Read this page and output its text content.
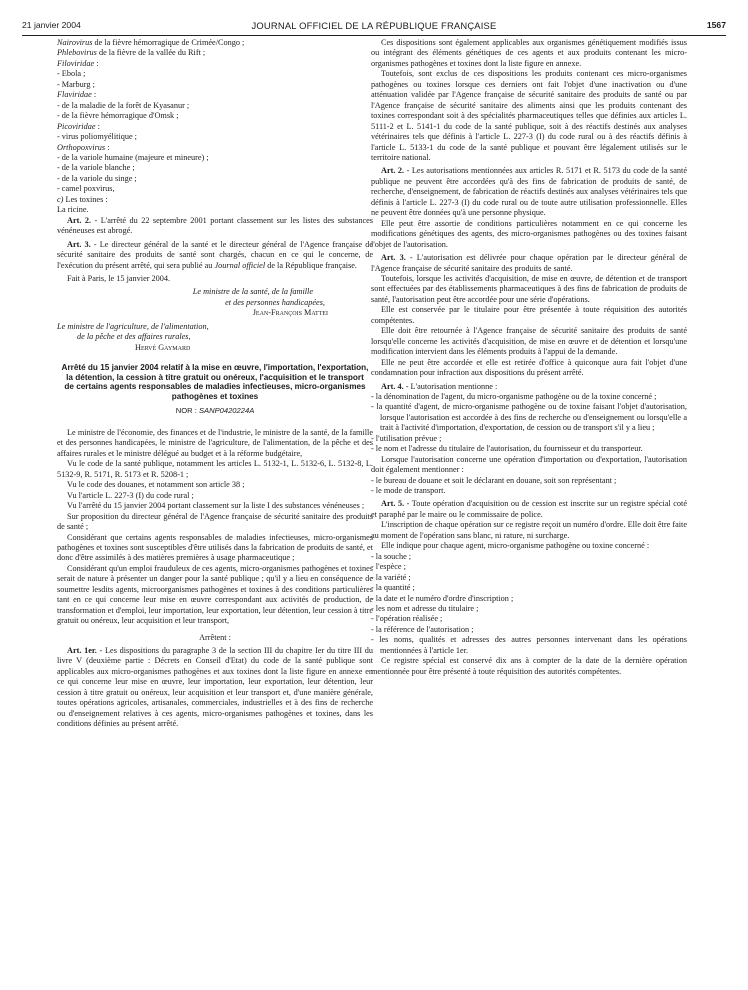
21 janvier 2004	JOURNAL OFFICIEL DE LA RÉPUBLIQUE FRANÇAISE	1567

Nairovirus de la fièvre hémorragique de Crimée/Congo ;

Phlebovirus de la fièvre de la vallée du Rift ;

Filoviridae :

- Ebola ;

- Marburg ;

Flaviridae :

- de la maladie de la forêt de Kyasanur ;

- de la fièvre hémorragique d'Omsk ;

Picoviridae :

- virus poliomyélitique ;

Orthopoxvirus :

- de la variole humaine (majeure et mineure) ;

- de la variole blanche ;

- de la variole du singe ;

- camel poxvirus,

c) Les toxines :

La ricine.

Art. 2. - L'arrêté du 22 septembre 2001 portant classement sur les listes des substances vénéneuses est abrogé.

Art. 3. - Le directeur général de la santé et le directeur général de l'Agence française de sécurité sanitaire des produits de santé sont chargés, chacun en ce qui le concerne, de l'exécution du présent arrêté, qui sera publié au Journal officiel de la République française.

Fait à Paris, le 15 janvier 2004.

Le ministre de la santé, de la famille

et des personnes handicapées,

Jean-François Mattei

Le ministre de l'agriculture, de l'alimentation,

de la pêche et des affaires rurales,

Hervé Gaymard

Arrêté du 15 janvier 2004 relatif à la mise en œuvre, l'importation, l'exportation, la détention, la cession à titre gratuit ou onéreux, l'acquisition et le transport de certains agents responsables de maladies infectieuses, micro-organismes pathogènes et toxines
NOR : SANP0420224A

Le ministre de l'économie, des finances et de l'industrie, le ministre de la santé, de la famille et des personnes handicapées, le ministre de l'agriculture, de l'alimentation, de la pêche et des affaires rurales et le ministre délégué au budget et à la réforme budgétaire,

Vu le code de la santé publique, notamment les articles L. 5132-1, L. 5132-6, L. 5132-8, L. 5132-9, R. 5171, R. 5173 et R. 5208-1 ;

Vu le code des douanes, et notamment son article 38 ;

Vu l'article L. 227-3 (I) du code rural ;

Vu l'arrêté du 15 janvier 2004 portant classement sur la liste I des substances vénéneuses ;

Sur proposition du directeur général de l'Agence française de sécurité sanitaire des produits de santé ;

Considérant que certains agents responsables de maladies infectieuses, micro-organismes pathogènes et toxines sont susceptibles d'être utilisés dans la fabrication de produits de santé, et donc d'être assimilés à des matières premières à usage pharmaceutique ;

Considérant qu'un emploi frauduleux de ces agents, micro-organismes pathogènes et toxines serait de nature à présenter un danger pour la santé publique ; qu'il y a lieu en conséquence de soumettre lesdits agents, microorganismes pathogènes et toxines à des conditions particulières tant en ce qui concerne leur mise en œuvre correspondant aux activités de production, de transformation et d'emploi, leur importation, leur exportation, leur détention, leur cession à titre gratuit ou onéreux, leur acquisition et leur transport,

Arrêtent :

Art. 1er. - Les dispositions du paragraphe 3 de la section III du chapitre Ier du titre III du livre V (deuxième partie : Décrets en Conseil d'Etat) du code de la santé publique sont applicables aux micro-organismes pathogènes et aux toxines dont la liste figure en annexe en ce qui concerne leur mise en œuvre, leur importation, leur exportation, leur détention, leur cession à titre gratuit ou onéreux, leur acquisition et leur transport et, d'une manière générale, toutes opérations agricoles, artisanales, commerciales, industrielles et à des fins de recherche ou d'enseignement relatives à ces agents, micro-organismes pathogènes et toxines, dans les conditions définies au présent arrêté.

Ces dispositions sont également applicables aux organismes génétiquement modifiés issus ou intégrant des éléments génétiques de ces agents et aux produits contenant les micro-organismes pathogènes et toxines dont la liste figure en annexe.

Toutefois, sont exclus de ces dispositions les produits contenant ces micro-organismes pathogènes ou toxines lorsque ces derniers ont fait l'objet d'une inactivation ou d'une atténuation validée par l'Agence française de sécurité sanitaire des produits de santé ou par l'Agence française de sécurité sanitaire des aliments ainsi que les produits contenant des toxines correspondant soit à des spécialités pharmaceutiques telles que définies aux articles L. 5111-2 et L. 5141-1 du code de la santé publique, soit à des réactifs destinés aux analyses vétérinaires tels que définis à l'article L. 227-3 (I) du code rural ou à des réactifs définis à l'article L. 5133-1 du code de la santé publique et pouvant être légalement utilisés sur le territoire national.

Art. 2. - Les autorisations mentionnées aux articles R. 5171 et R. 5173 du code de la santé publique ne peuvent être accordées qu'à des fins de fabrication de produits de santé, de recherche, d'enseignement, de fabrication de réactifs destinés aux analyses vétérinaires tels que définis à l'article L. 227-3 (I) du code rural ou de toute autre utilisation professionnelle. Elles ne peuvent être données qu'à une personne physique.

Elle peut être assortie de conditions particulières notamment en ce qui concerne les modifications génétiques des agents, des micro-organismes pathogènes ou des toxines faisant l'objet de l'autorisation.

Art. 3. - L'autorisation est délivrée pour chaque opération par le directeur général de l'Agence française de sécurité sanitaire des produits de santé.

Toutefois, lorsque les activités d'acquisition, de mise en œuvre, de détention et de transport sont effectuées par des établissements pharmaceutiques à des fins de fabrication de produits de santé, l'autorisation peut être accordée pour une série d'opérations.

Elle est conservée par le titulaire pour être présentée à toute réquisition des autorités compétentes.

Elle doit être retournée à l'Agence française de sécurité sanitaire des produits de santé lorsqu'elle concerne les activités d'acquisition, de mise en œuvre et de détention et lorsqu'une modification intervient dans les éléments produits à l'appui de la demande.

Elle ne peut être accordée et elle est retirée d'office à quiconque aura fait l'objet d'une condamnation pour infraction aux dispositions du présent arrêté.

Art. 4. - L'autorisation mentionne :

- la dénomination de l'agent, du micro-organisme pathogène ou de la toxine concerné ;

- la quantité d'agent, de micro-organisme pathogène ou de toxine faisant l'objet d'autorisation, lorsque l'autorisation est accordée à des fins de recherche ou d'enseignement ou lorsqu'elle a trait à l'activité d'importation, d'exportation, de cession ou de transport s'il y a lieu ;

- l'utilisation prévue ;

- le nom et l'adresse du titulaire de l'autorisation, du fournisseur et du transporteur.

Lorsque l'autorisation concerne une opération d'importation ou d'exportation, l'autorisation doit également mentionner :

- le bureau de douane et soit le déclarant en douane, soit son représentant ;

- le mode de transport.

Art. 5. - Toute opération d'acquisition ou de cession est inscrite sur un registre spécial coté et paraphé par le maire ou le commissaire de police.

L'inscription de chaque opération sur ce registre reçoit un numéro d'ordre. Elle doit être faite au moment de l'opération sans blanc, ni rature, ni surcharge.

Elle indique pour chaque agent, micro-organisme pathogène ou toxine concerné :

- la souche ;

- l'espèce ;

- la variété ;

- la quantité ;

- la date et le numéro d'ordre d'inscription ;

- les nom et adresse du titulaire ;

- l'opération réalisée ;

- la référence de l'autorisation ;

- les noms, qualités et adresses des autres personnes intervenant dans les opérations mentionnées à l'article 1er.

Ce registre spécial est conservé dix ans à compter de la date de la dernière opération mentionnée pour être présenté à toute réquisition des autorités compétentes.
